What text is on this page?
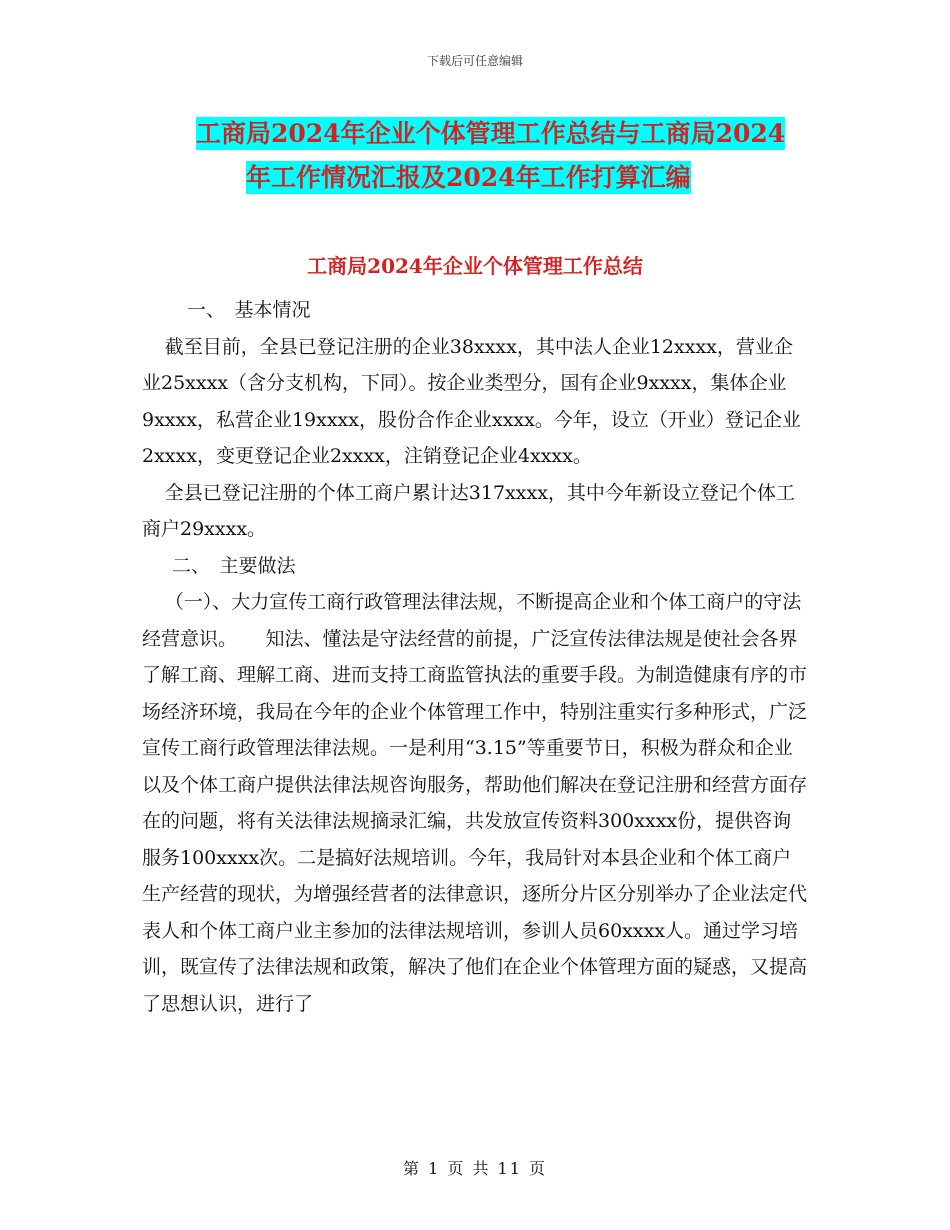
下载后可任意编辑
工商局2024年企业个体管理工作总结与工商局2024
年工作情况汇报及2024年工作打算汇编
工商局2024年企业个体管理工作总结

一、　基本情况

截至目前，全县已登记注册的企业38xxxx，其中法人企业12xxxx，营业企业25xxxx（含分支机构，下同）。按企业类型分，国有企业9xxxx，集体企业9xxxx，私营企业19xxxx，股份合作企业xxxx。今年，设立（开业）登记企业2xxxx，变更登记企业2xxxx，注销登记企业4xxxx。

全县已登记注册的个体工商户累计达317xxxx，其中今年新设立登记个体工商户29xxxx。

二、　主要做法

（一）、大力宣传工商行政管理法律法规，不断提高企业和个体工商户的守法经营意识。　　知法、懂法是守法经营的前提，广泛宣传法律法规是使社会各界了解工商、理解工商、进而支持工商监管执法的重要手段。为制造健康有序的市场经济环境，我局在今年的企业个体管理工作中，特别注重实行多种形式，广泛宣传工商行政管理法律法规。一是利用“3.15”等重要节日，积极为群众和企业以及个体工商户提供法律法规咨询服务，帮助他们解决在登记注册和经营方面存在的问题，将有关法律法规摘录汇编，共发放宣传资料300xxxx份，提供咨询服务100xxxx次。二是搞好法规培训。今年，我局针对本县企业和个体工商户生产经营的现状，为增强经营者的法律意识，逐所分片区分别举办了企业法定代表人和个体工商户业主参加的法律法规培训，参训人员60xxxx人。通过学习培训，既宣传了法律法规和政策，解决了他们在企业个体管理方面的疑惑，又提高了思想认识，进行了

第 1 页 共 11 页
